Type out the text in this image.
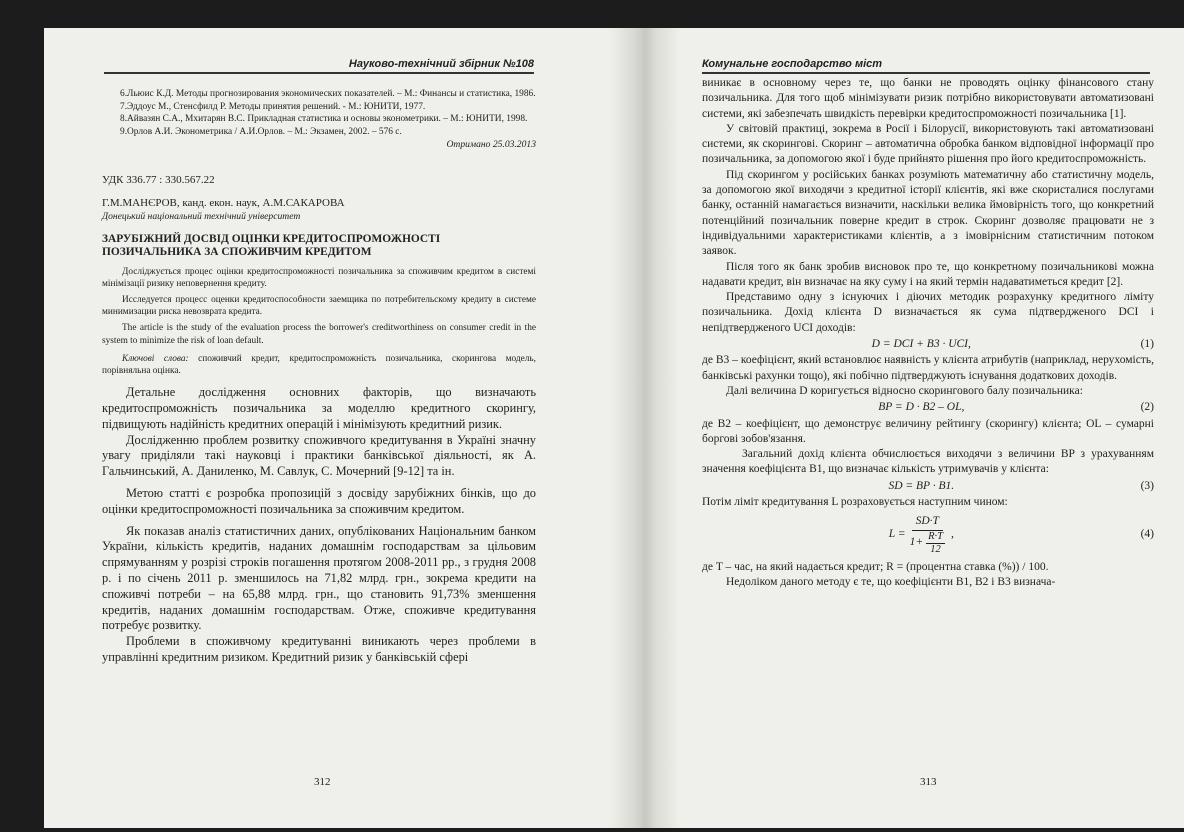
Науково-технічний збірник №108

6.Льюис К.Д. Методы прогнозирования экономических показателей. – М.: Финансы и статистика, 1986.

7.Эддоус М., Стенсфилд Р. Методы принятия решений. - М.: ЮНИТИ, 1977.

8.Айвазян С.А., Мхитарян В.С. Прикладная статистика и основы эконометрики. – М.: ЮНИТИ, 1998.

9.Орлов А.И. Эконометрика / А.И.Орлов. – М.: Экзамен, 2002. – 576 с.

Отримано 25.03.2013

УДК 336.77 : 330.567.22

Г.М.МАНЄРОВ, канд. екон. наук, А.М.САКАРОВА

Донецький національний технічний університет

ЗАРУБІЖНИЙ ДОСВІД ОЦІНКИ КРЕДИТОСПРОМОЖНОСТІ ПОЗИЧАЛЬНИКА ЗА СПОЖИВЧИМ КРЕДИТОМ

Досліджується процес оцінки кредитоспроможності позичальника за споживчим кредитом в системі мінімізації ризику неповернення кредиту.

Исследуется процесс оценки кредитоспособности заемщика по потребительскому кредиту в системе минимизации риска невозврата кредита.

The article is the study of the evaluation process the borrower's creditworthiness on consumer credit in the system to minimize the risk of loan default.

Ключові слова: споживчий кредит, кредитоспроможність позичальника, скорингова модель, порівняльна оцінка.

Детальне дослідження основних факторів, що визначають кредитоспроможність позичальника за моделлю кредитного скорингу, підвищують надійність кредитних операцій і мінімізують кредитний ризик.

Дослідженню проблем розвитку споживчого кредитування в Україні значну увагу приділяли такі науковці і практики банківської діяльності, як А. Гальчинський, А. Даниленко, М. Савлук, С. Мочерний [9-12] та ін.

Метою статті є розробка пропозицій з досвіду зарубіжних бінків, що до оцінки кредитоспроможності позичальника за споживчим кредитом.

Як показав аналіз статистичних даних, опублікованих Національним банком України, кількість кредитів, наданих домашнім господарствам за цільовим спрямуванням у розрізі строків погашення протягом 2008-2011 рр., з грудня 2008 р. і по січень 2011 р. зменшилось на 71,82 млрд. грн., зокрема кредити на споживчі потреби – на 65,88 млрд. грн., що становить 91,73% зменшення кредитів, наданих домашнім господарствам. Отже, споживче кредитування потребує розвитку.

Проблеми в споживчому кредитуванні виникають через проблеми в управлінні кредитним ризиком. Кредитний ризик у банківській сфері

312
Комунальне господарство міст

виникає в основному через те, що банки не проводять оцінку фінансового стану позичальника. Для того щоб мінімізувати ризик потрібно використовувати автоматизовані системи, які забезпечать швидкість перевірки кредитоспроможності позичальника [1].

У світовій практиці, зокрема в Росії і Білорусії, використовують такі автоматизовані системи, як скорингові. Скоринг – автоматична обробка банком відповідної інформації про позичальника, за допомогою якої і буде прийнято рішення про його кредитоспроможність.

Під скорингом у російських банках розуміють математичну або статистичну модель, за допомогою якої виходячи з кредитної історії клієнтів, які вже скористалися послугами банку, останній намагається визначити, наскільки велика ймовірність того, що конкретний потенційний позичальник поверне кредит в строк. Скоринг дозволяє працювати не з індивідуальними характеристиками клієнтів, а з імовірнісним статистичним потоком заявок.

Після того як банк зробив висновок про те, що конкретному позичальникові можна надавати кредит, він визначає на яку суму і на який термін надаватиметься кредит [2].

Представимо одну з існуючих і діючих методик розрахунку кредитного ліміту позичальника. Дохід клієнта D визначається як сума підтвердженого DCI і непідтвердженого UCI доходів:

D = DCI + B3 · UCI,	(1)

де B3 – коефіцієнт, який встановлює наявність у клієнта атрибутів (наприклад, нерухомість, банківські рахунки тощо), які побічно підтверджують існування додаткових доходів.

Далі величина D коригується відносно скорингового балу позичальника:

BP = D · B2 – OL,	(2)

де B2 – коефіцієнт, що демонструє величину рейтингу (скорингу) клієнта; OL – сумарні боргові зобов'язання.

Загальний дохід клієнта обчислюється виходячи з величини BP з урахуванням значення коефіцієнта B1, що визначає кількість утримувачів у клієнта:

SD = BP · B1.	(3)

Потім ліміт кредитування L розраховується наступним чином:

$L = \frac{SD\cdot T}{1+ \frac{R\cdot T}{12}}$ ,	(4)

де T – час, на який надається кредит; R = (процентна ставка (%)) / 100.

Недоліком даного методу є те, що коефіцієнти B1, B2 і B3 визнача-

313
